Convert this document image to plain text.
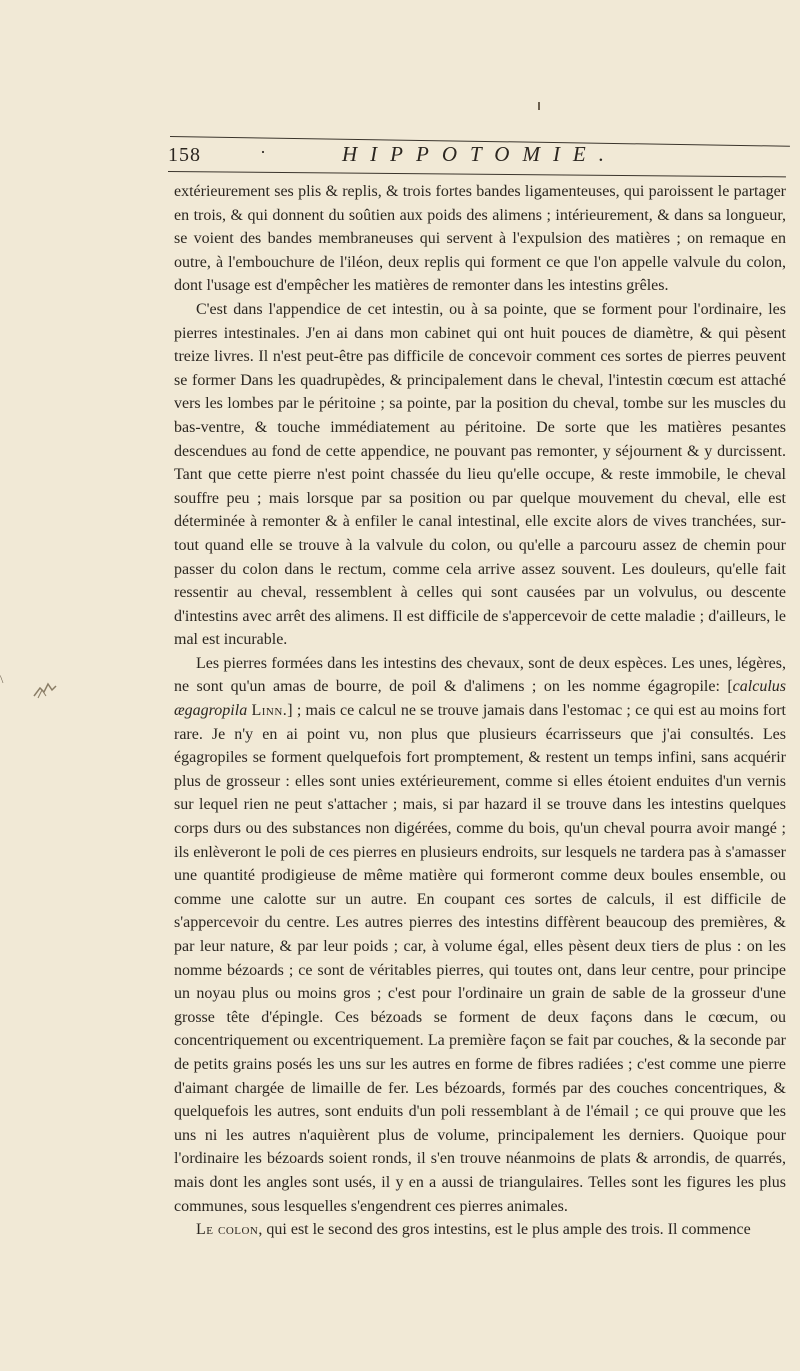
158	·	HIPPOTOMIE.
\

extérieurement ses plis & replis, & trois fortes bandes ligamenteuses, qui paroissent le partager en trois, & qui donnent du soûtien aux poids des alimens ; intérieurement, & dans sa longueur, se voient des bandes membraneuses qui servent à l'expulsion des matières ; on remaque en outre, à l'embouchure de l'iléon, deux replis qui forment ce que l'on appelle valvule du colon, dont l'usage est d'empêcher les matières de remonter dans les intestins grêles.

C'est dans l'appendice de cet intestin, ou à sa pointe, que se forment pour l'ordinaire, les pierres intestinales. J'en ai dans mon cabinet qui ont huit pouces de diamètre, & qui pèsent treize livres. Il n'est peut-être pas difficile de concevoir comment ces sortes de pierres peuvent se former Dans les quadrupèdes, & principalement dans le cheval, l'intestin cœcum est attaché vers les lombes par le péritoine ; sa pointe, par la position du cheval, tombe sur les muscles du bas-ventre, & touche immédiatement au péritoine. De sorte que les matières pesantes descendues au fond de cette appendice, ne pouvant pas remonter, y séjournent & y durcissent. Tant que cette pierre n'est point chassée du lieu qu'elle occupe, & reste immobile, le cheval souffre peu ; mais lorsque par sa position ou par quelque mouvement du cheval, elle est déterminée à remonter & à enfiler le canal intestinal, elle excite alors de vives tranchées, sur-tout quand elle se trouve à la valvule du colon, ou qu'elle a parcouru assez de chemin pour passer du colon dans le rectum, comme cela arrive assez souvent. Les douleurs, qu'elle fait ressentir au cheval, ressemblent à celles qui sont causées par un volvulus, ou descente d'intestins avec arrêt des alimens. Il est difficile de s'appercevoir de cette maladie ; d'ailleurs, le mal est incurable.

Les pierres formées dans les intestins des chevaux, sont de deux espèces. Les unes, légères, ne sont qu'un amas de bourre, de poil & d'alimens ; on les nomme égagropile: [calculus ægagropila Linn.] ; mais ce calcul ne se trouve jamais dans l'estomac ; ce qui est au moins fort rare. Je n'y en ai point vu, non plus que plusieurs écarrisseurs que j'ai consultés. Les égagropiles se forment quelquefois fort promptement, & restent un temps infini, sans acquérir plus de grosseur : elles sont unies extérieurement, comme si elles étoient enduites d'un vernis sur lequel rien ne peut s'attacher ; mais, si par hazard il se trouve dans les intestins quelques corps durs ou des substances non digérées, comme du bois, qu'un cheval pourra avoir mangé ; ils enlèveront le poli de ces pierres en plusieurs endroits, sur lesquels ne tardera pas à s'amasser une quantité prodigieuse de même matière qui formeront comme deux boules ensemble, ou comme une calotte sur un autre. En coupant ces sortes de calculs, il est difficile de s'appercevoir du centre. Les autres pierres des intestins diffèrent beaucoup des premières, & par leur nature, & par leur poids ; car, à volume égal, elles pèsent deux tiers de plus : on les nomme bézoards ; ce sont de véritables pierres, qui toutes ont, dans leur centre, pour principe un noyau plus ou moins gros ; c'est pour l'ordinaire un grain de sable de la grosseur d'une grosse tête d'épingle. Ces bézoads se forment de deux façons dans le cœcum, ou concentriquement ou excentriquement. La première façon se fait par couches, & la seconde par de petits grains posés les uns sur les autres en forme de fibres radiées ; c'est comme une pierre d'aimant chargée de limaille de fer. Les bézoards, formés par des couches concentriques, & quelquefois les autres, sont enduits d'un poli ressemblant à de l'émail ; ce qui prouve que les uns ni les autres n'aquièrent plus de volume, principalement les derniers. Quoique pour l'ordinaire les bézoards soient ronds, il s'en trouve néanmoins de plats & arrondis, de quarrés, mais dont les angles sont usés, il y en a aussi de triangulaires. Telles sont les figures les plus communes, sous lesquelles s'engendrent ces pierres animales.

Le colon, qui est le second des gros intestins, est le plus ample des trois. Il commence
